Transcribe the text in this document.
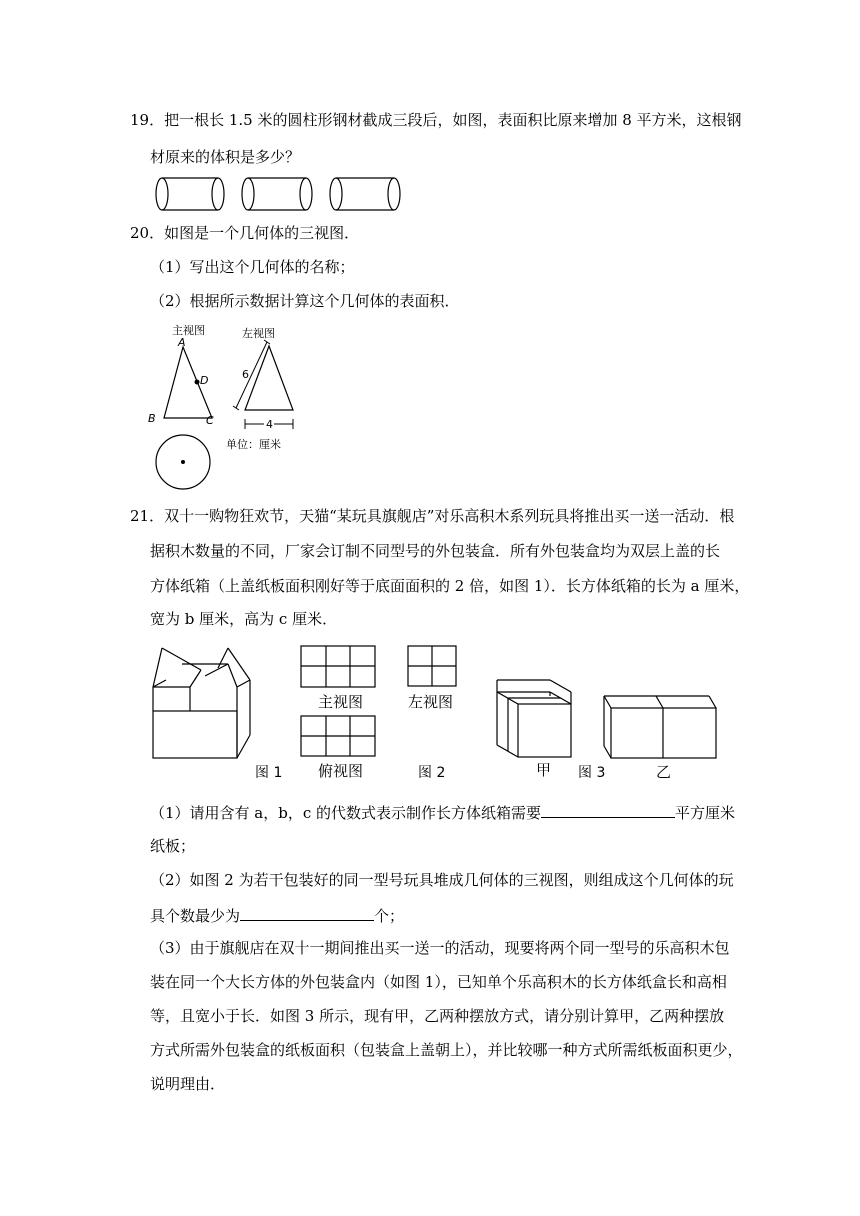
19．把一根长 1.5 米的圆柱形钢材截成三段后，如图，表面积比原来增加 8 平方米，这根钢
材原来的体积是多少？
20．如图是一个几何体的三视图．
（1）写出这个几何体的名称；
（2）根据所示数据计算这个几何体的表面积．
主视图	左视图
A
B	C
D	6
4
单位：厘米
21．双十一购物狂欢节，天猫“某玩具旗舰店”对乐高积木系列玩具将推出买一送一活动．根
据积木数量的不同，厂家会订制不同型号的外包装盒．所有外包装盒均为双层上盖的长
方体纸箱（上盖纸板面积刚好等于底面面积的 2 倍，如图 1）．长方体纸箱的长为 a 厘米，
宽为 b 厘米，高为 c 厘米．
主视图	左视图
俯视图
图 1	图 2	甲 图 3	乙
（1）请用含有 a，b，c 的代数式表示制作长方体纸箱需要	平方厘米
纸板；
（2）如图 2 为若干包装好的同一型号玩具堆成几何体的三视图，则组成这个几何体的玩
具个数最少为	个；
（3）由于旗舰店在双十一期间推出买一送一的活动，现要将两个同一型号的乐高积木包
装在同一个大长方体的外包装盒内（如图 1），已知单个乐高积木的长方体纸盒长和高相
等，且宽小于长．如图 3 所示，现有甲，乙两种摆放方式，请分别计算甲，乙两种摆放
方式所需外包装盒的纸板面积（包装盒上盖朝上），并比较哪一种方式所需纸板面积更少，
说明理由．
